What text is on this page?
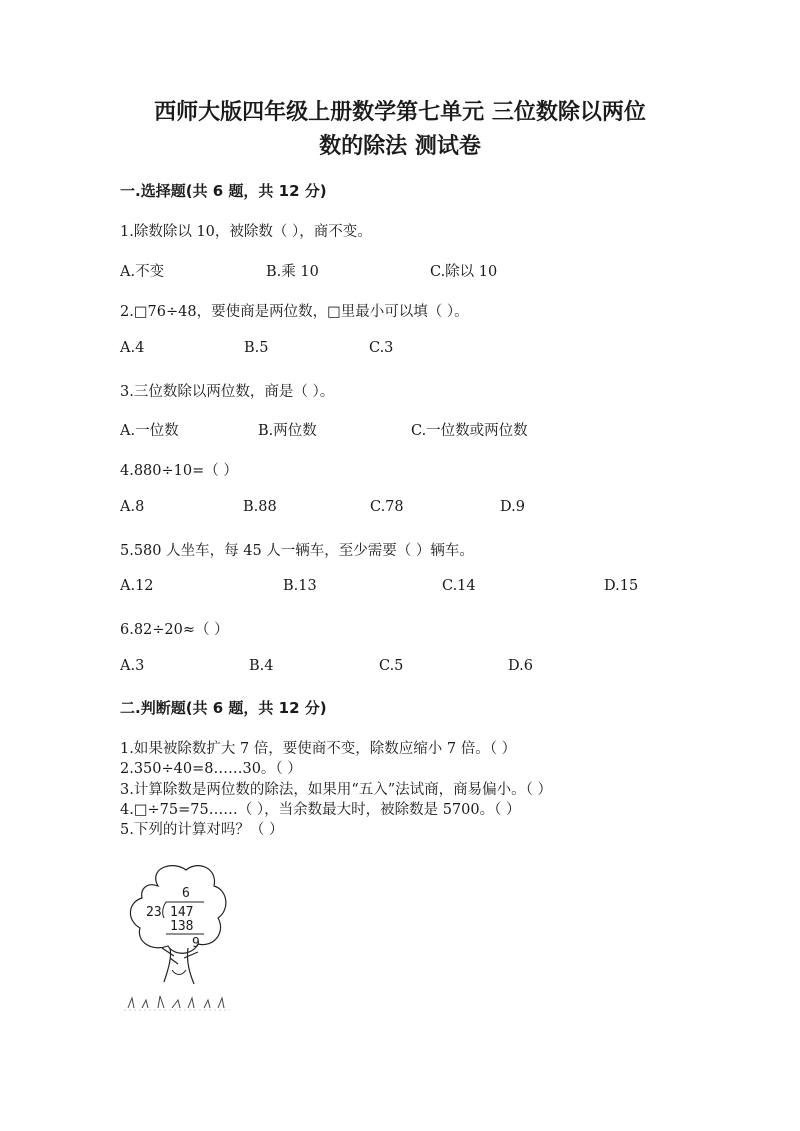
西师大版四年级上册数学第七单元 三位数除以两位
数的除法 测试卷
一.选择题(共 6 题，共 12 分)
1.除数除以 10，被除数（ ），商不变。
A.不变	B.乘 10	C.除以 10
2.□76÷48，要使商是两位数，□里最小可以填（ ）。
A.4	B.5	C.3
3.三位数除以两位数，商是（ ）。
A.一位数	B.两位数	C.一位数或两位数
4.880÷10=（ ）
A.8	B.88	C.78	D.9
5.580 人坐车，每 45 人一辆车，至少需要（ ）辆车。
A.12	B.13	C.14	D.15
6.82÷20≈（ ）
A.3	B.4	C.5	D.6
二.判断题(共 6 题，共 12 分)
1.如果被除数扩大 7 倍，要使商不变，除数应缩小 7 倍。（ ）
2.350÷40=8……30。（ ）
3.计算除数是两位数的除法，如果用“五入”法试商，商易偏小。（ ）
4.□÷75=75……（ ），当余数最大时，被除数是 5700。（ ）
5.下列的计算对吗？（ ）
6
23 147
138
9
